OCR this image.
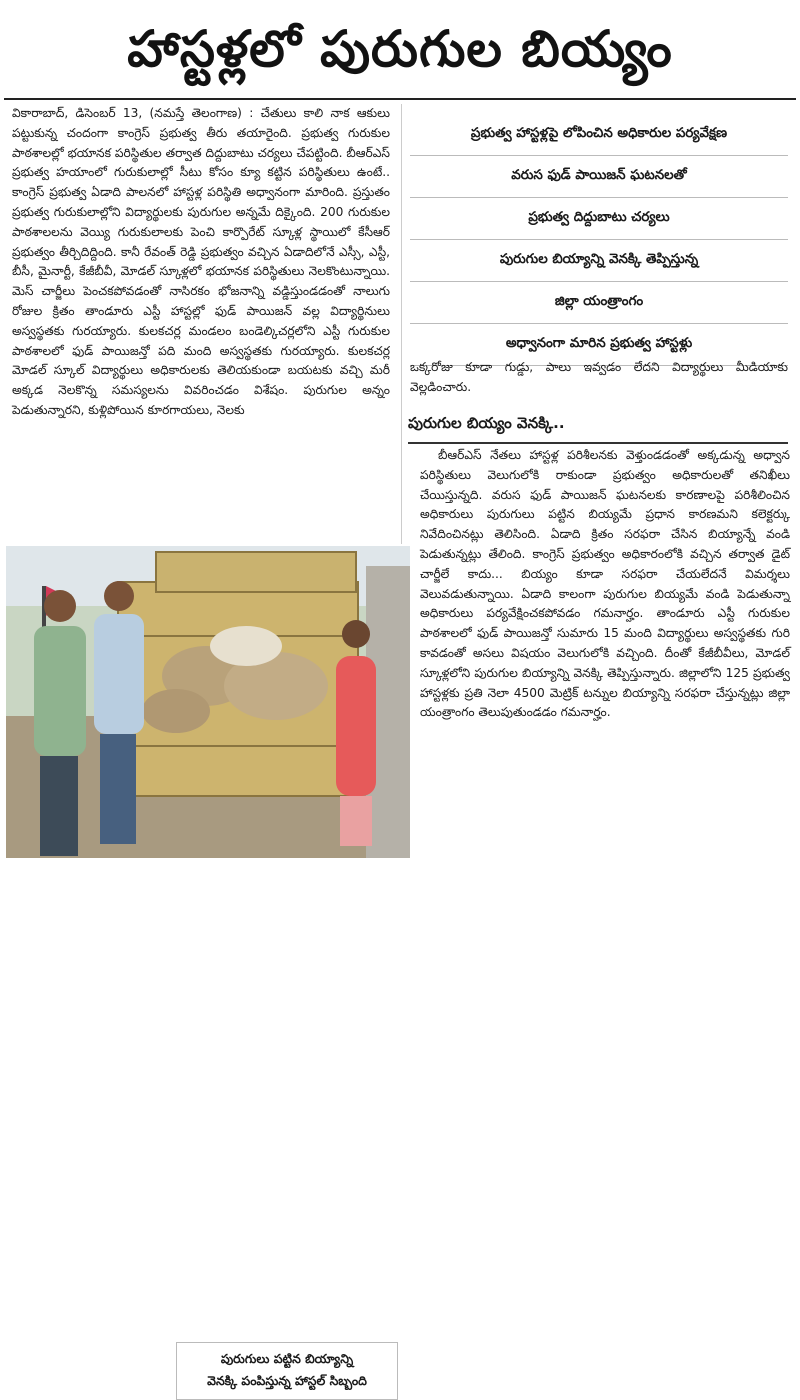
హాస్టళ్లలో పురుగుల బియ్యం

వికారాబాద్, డిసెంబర్ 13, (నమస్తే తెలంగాణ) : చేతులు కాలి నాక ఆకులు పట్టుకున్న చందంగా కాంగ్రెస్ ప్రభుత్వ తీరు తయారైంది. ప్రభుత్వ గురుకుల పాఠశాలల్లో భయానక పరిస్థితుల తర్వాత దిద్దుబాటు చర్యలు చేపట్టింది. బీఆర్ఎస్ ప్రభుత్వ హయాంలో గురుకులాల్లో సీటు కోసం క్యూ కట్టిన పరిస్థితులు ఉంటే.. కాంగ్రెస్ ప్రభుత్వ ఏడాది పాలనలో హాస్టళ్ల పరిస్థితి అధ్వానంగా మారింది. ప్రస్తుతం ప్రభుత్వ గురుకులాల్లోని విద్యార్థులకు పురుగుల అన్నమే దిక్కైంది. 200 గురుకుల పాఠశాలలను వెయ్యి గురుకులాలకు పెంచి కార్పొరేట్ స్కూళ్ల స్థాయిలో కేసీఆర్ ప్రభుత్వం తీర్చిదిద్దింది. కానీ రేవంత్ రెడ్డి ప్రభుత్వం వచ్చిన ఏడాదిలోనే ఎస్సీ, ఎస్టీ, బీసీ, మైనార్టీ, కేజీబీవీ, మోడల్ స్కూళ్లలో భయానక పరిస్థితులు నెలకొంటున్నాయి. మెస్ చార్జీలు పెంచకపోవడంతో నాసిరకం భోజనాన్ని వడ్డిస్తుండడంతో నాలుగు రోజుల క్రితం తాండూరు ఎస్టీ హాస్టల్లో ఫుడ్ పాయిజన్ వల్ల విద్యార్థినులు అస్వస్థతకు గురయ్యారు. కులకచర్ల మండలం బండెల్కిచర్లలోని ఎస్టీ గురుకుల పాఠశాలలో ఫుడ్ పాయిజన్తో పది మంది అస్వస్థతకు గురయ్యారు. కులకచర్ల మోడల్ స్కూల్ విద్యార్థులు అధికారులకు తెలియకుండా బయటకు వచ్చి మరీ అక్కడ నెలకొన్న సమస్యలను వివరించడం విశేషం. పురుగుల అన్నం పెడుతున్నారని, కుళ్లిపోయిన కూరగాయలు, నెలకు

ప్రభుత్వ హాస్టళ్లపై లోపించిన అధికారుల పర్యవేక్షణ
వరుస ఫుడ్ పాయిజన్ ఘటనలతో
ప్రభుత్వ దిద్దుబాటు చర్యలు
పురుగుల బియ్యాన్ని వెనక్కి తెప్పిస్తున్న
జిల్లా యంత్రాంగం
అధ్వానంగా మారిన ప్రభుత్వ హాస్టళ్లు

ఒక్కరోజు కూడా గుడ్డు, పాలు ఇవ్వడం లేదని విద్యార్థులు మీడియాకు వెల్లడించారు.

పురుగుల బియ్యం వెనక్కి..

బీఆర్ఎస్ నేతలు హాస్టళ్ల పరిశీలనకు వెళ్తుండడంతో అక్కడున్న అధ్వాన పరిస్థితులు వెలుగులోకి రాకుండా ప్రభుత్వం అధికారులతో తనిఖీలు చేయిస్తున్నది. వరుస ఫుడ్ పాయిజన్ ఘటనలకు కారణాలపై పరిశీలించిన అధికారులు పురుగులు పట్టిన బియ్యమే ప్రధాన కారణమని కలెక్టర్కు నివేదించినట్లు తెలిసింది. ఏడాది క్రితం సరఫరా చేసిన బియ్యాన్నే వండి పెడుతున్నట్లు తేలింది. కాంగ్రెస్ ప్రభుత్వం అధికారంలోకి వచ్చిన తర్వాత డైట్ చార్జీలే కాదు... బియ్యం కూడా సరఫరా చేయలేదనే విమర్శలు వెలువడుతున్నాయి. ఏడాది కాలంగా పురుగుల బియ్యమే వండి పెడుతున్నా అధికారులు పర్యవేక్షించకపోవడం గమనార్హం. తాండూరు ఎస్టీ గురుకుల పాఠశాలలో ఫుడ్ పాయిజన్తో సుమారు 15 మంది విద్యార్థులు అస్వస్థతకు గురి కావడంతో అసలు విషయం వెలుగులోకి వచ్చింది. దీంతో కేజీబీవీలు, మోడల్ స్కూళ్లలోని పురుగుల బియ్యాన్ని వెనక్కి తెప్పిస్తున్నారు. జిల్లాలోని 125 ప్రభుత్వ హాస్టళ్లకు ప్రతి నెలా 4500 మెట్రిక్ టన్నుల బియ్యాన్ని సరఫరా చేస్తున్నట్లు జిల్లా యంత్రాంగం తెలుపుతుండడం గమనార్హం.

పురుగులు పట్టిన బియ్యాన్ని
వెనక్కి పంపిస్తున్న హాస్టల్ సిబ్బంది
